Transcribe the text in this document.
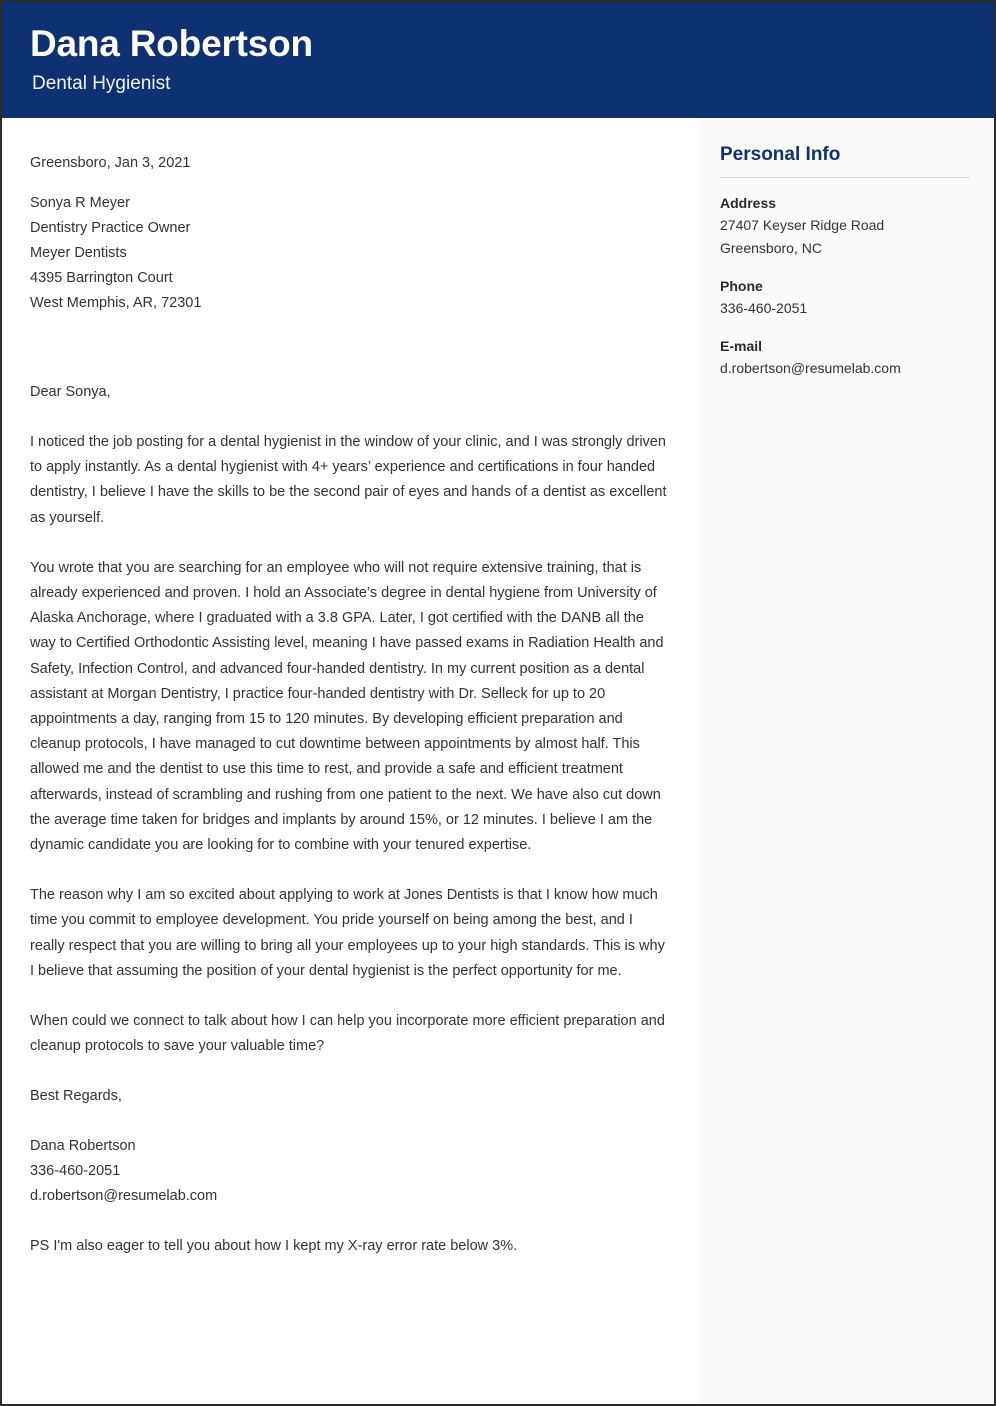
Dana Robertson
Dental Hygienist
Greensboro, Jan 3, 2021
Sonya R Meyer
Dentistry Practice Owner
Meyer Dentists
4395 Barrington Court
West Memphis, AR, 72301
Dear Sonya,

I noticed the job posting for a dental hygienist in the window of your clinic, and I was strongly driven to apply instantly. As a dental hygienist with 4+ years’ experience and certifications in four handed dentistry, I believe I have the skills to be the second pair of eyes and hands of a dentist as excellent as yourself.

You wrote that you are searching for an employee who will not require extensive training, that is already experienced and proven. I hold an Associate’s degree in dental hygiene from University of Alaska Anchorage, where I graduated with a 3.8 GPA. Later, I got certified with the DANB all the way to Certified Orthodontic Assisting level, meaning I have passed exams in Radiation Health and Safety, Infection Control, and advanced four-handed dentistry. In my current position as a dental assistant at Morgan Dentistry, I practice four-handed dentistry with Dr. Selleck for up to 20 appointments a day, ranging from 15 to 120 minutes. By developing efficient preparation and cleanup protocols, I have managed to cut downtime between appointments by almost half. This allowed me and the dentist to use this time to rest, and provide a safe and efficient treatment afterwards, instead of scrambling and rushing from one patient to the next. We have also cut down the average time taken for bridges and implants by around 15%, or 12 minutes. I believe I am the dynamic candidate you are looking for to combine with your tenured expertise.

The reason why I am so excited about applying to work at Jones Dentists is that I know how much time you commit to employee development. You pride yourself on being among the best, and I really respect that you are willing to bring all your employees up to your high standards. This is why I believe that assuming the position of your dental hygienist is the perfect opportunity for me.

When could we connect to talk about how I can help you incorporate more efficient preparation and cleanup protocols to save your valuable time?

Best Regards,
Dana Robertson
336-460-2051
d.robertson@resumelab.com
PS I'm also eager to tell you about how I kept my X-ray error rate below 3%.
Personal Info
Address
27407 Keyser Ridge Road
Greensboro, NC
Phone
336-460-2051
E-mail
d.robertson@resumelab.com
